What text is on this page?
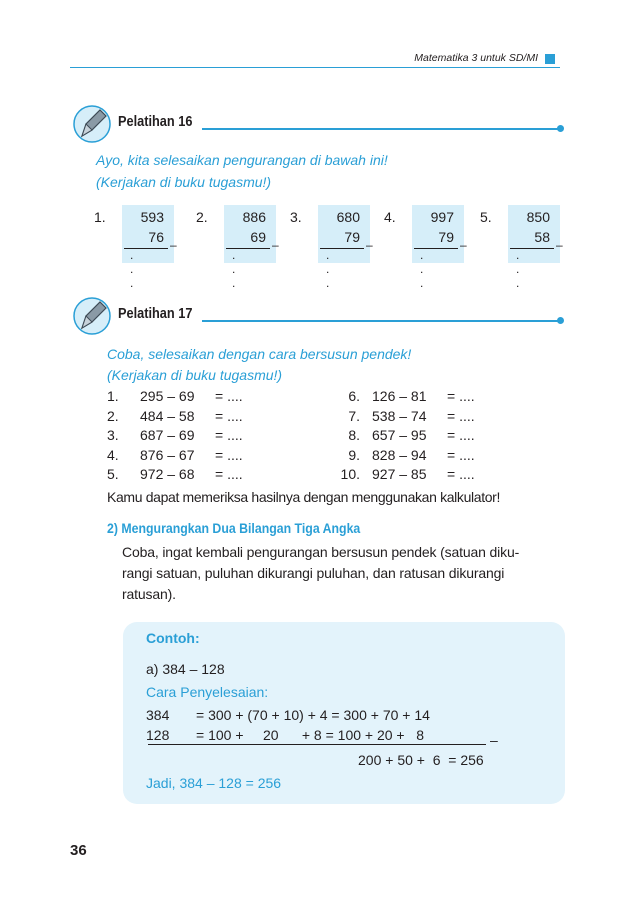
Matematika 3 untuk SD/MI
Pelatihan 16
Ayo, kita selesaikan pengurangan di bawah ini!
(Kerjakan di buku tugasmu!)
1.	593
76 –
. . .
2.	886
69 –
. . .
3.	680
79 –
. . .
4.	997
79 –
. . .
5.	850
58 –
. . .
Pelatihan 17
Coba, selesaikan dengan cara bersusun pendek!
(Kerjakan di buku tugasmu!)
1. 295 – 69 = ....
2. 484 – 58 = ....
3. 687 – 69 = ....
4. 876 – 67 = ....
5. 972 – 68 = ....
6. 126 – 81 = ....
7. 538 – 74 = ....
8. 657 – 95 = ....
9. 828 – 94 = ....
10. 927 – 85 = ....
Kamu dapat memeriksa hasilnya dengan menggunakan kalkulator!
2) Mengurangkan Dua Bilangan Tiga Angka
Coba, ingat kembali pengurangan bersusun pendek (satuan diku-
rangi satuan, puluhan dikurangi puluhan, dan ratusan dikurangi
ratusan).
Contoh:
a) 384 – 128
Cara Penyelesaian:
384 = 300 + (70 + 10) + 4 = 300 + 70 + 14
128 = 100 +     20      + 8 = 100 + 20 +   8	–
200 + 50 +  6  = 256
Jadi, 384 – 128 = 256
36
